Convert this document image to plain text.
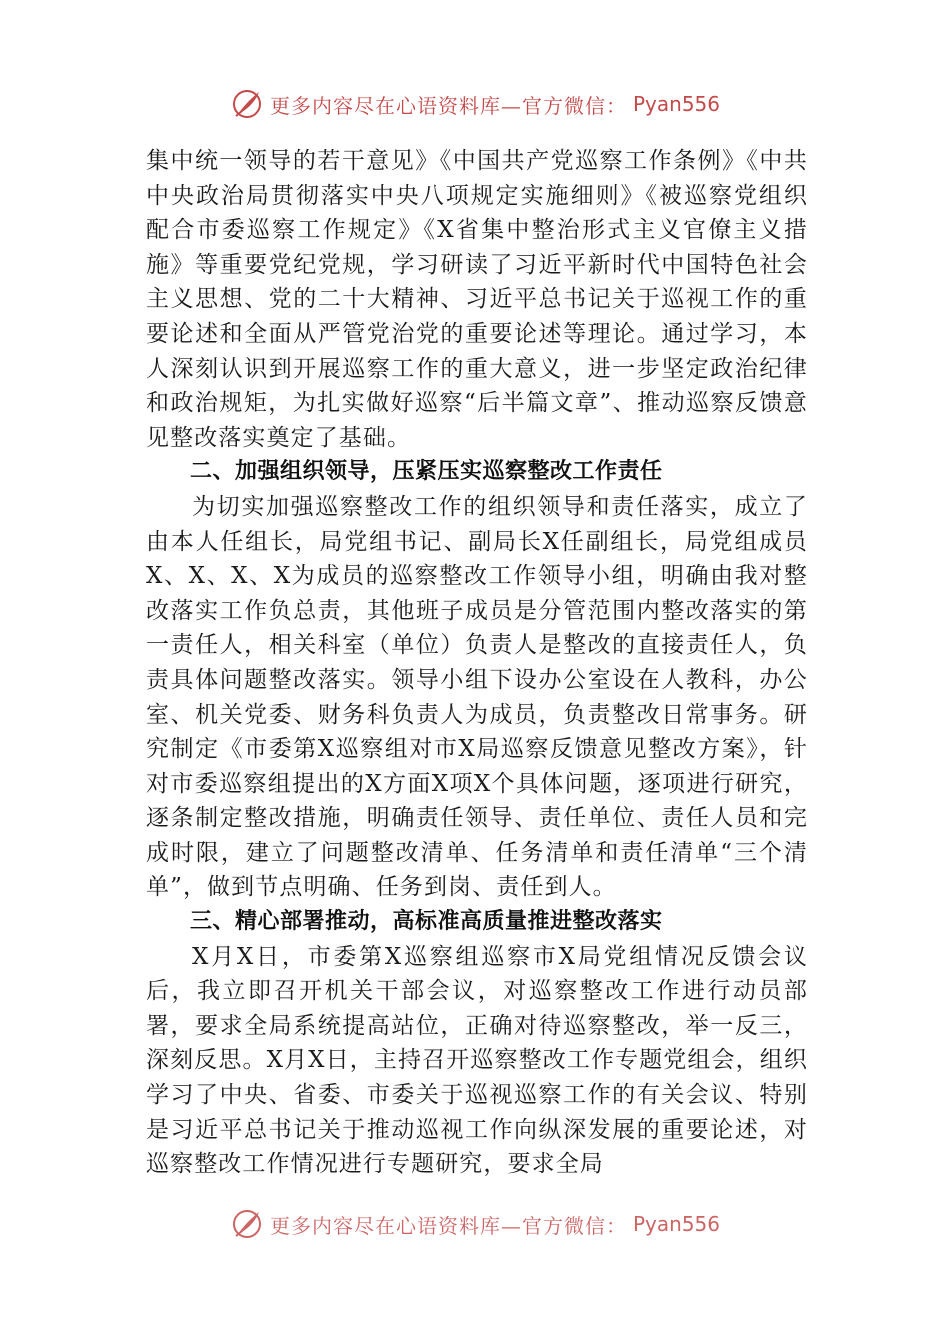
更多内容尽在心语资料库—官方微信： Pyan556

集中统一领导的若干意见》《中国共产党巡察工作条例》《中共中央政治局贯彻落实中央八项规定实施细则》《被巡察党组织配合市委巡察工作规定》《X省集中整治形式主义官僚主义措施》等重要党纪党规，学习研读了习近平新时代中国特色社会主义思想、党的二十大精神、习近平总书记关于巡视工作的重要论述和全面从严管党治党的重要论述等理论。通过学习，本人深刻认识到开展巡察工作的重大意义，进一步坚定政治纪律和政治规矩，为扎实做好巡察“后半篇文章”、推动巡察反馈意见整改落实奠定了基础。

二、加强组织领导，压紧压实巡察整改工作责任

为切实加强巡察整改工作的组织领导和责任落实，成立了由本人任组长，局党组书记、副局长X任副组长，局党组成员X、X、X、X为成员的巡察整改工作领导小组，明确由我对整改落实工作负总责，其他班子成员是分管范围内整改落实的第一责任人，相关科室（单位）负责人是整改的直接责任人，负责具体问题整改落实。领导小组下设办公室设在人教科，办公室、机关党委、财务科负责人为成员，负责整改日常事务。研究制定《市委第X巡察组对市X局巡察反馈意见整改方案》，针对市委巡察组提出的X方面X项X个具体问题，逐项进行研究，逐条制定整改措施，明确责任领导、责任单位、责任人员和完成时限，建立了问题整改清单、任务清单和责任清单“三个清单”，做到节点明确、任务到岗、责任到人。

三、精心部署推动，高标准高质量推进整改落实

X月X日，市委第X巡察组巡察市X局党组情况反馈会议后，我立即召开机关干部会议，对巡察整改工作进行动员部署，要求全局系统提高站位，正确对待巡察整改，举一反三，深刻反思。X月X日，主持召开巡察整改工作专题党组会，组织学习了中央、省委、市委关于巡视巡察工作的有关会议、特别是习近平总书记关于推动巡视工作向纵深发展的重要论述，对巡察整改工作情况进行专题研究，要求全局

更多内容尽在心语资料库—官方微信： Pyan556
